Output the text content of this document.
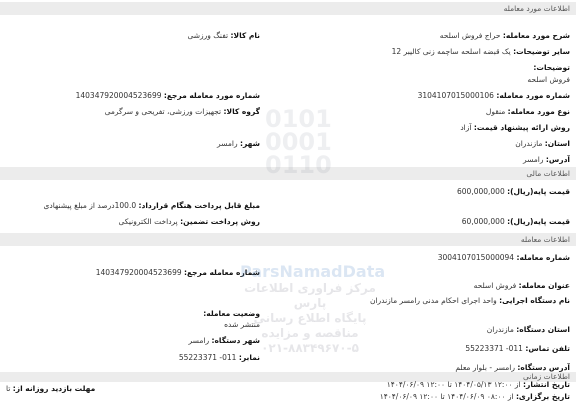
اطلاعات مورد معامله
شرح مورد معامله: حراج فروش اسلحه
نام کالا: تفنگ ورزشی
سایر توضیحات: یک قبضه اسلحه ساچمه زنی کالیبر 12
توضیحات:
فروش اسلحه
شماره مورد معامله: 3104107015000106
شماره مورد معامله مرجع: 140347920004523699
نوع مورد معامله: منقول
گروه کالا: تجهیزات ورزشی، تفریحی و سرگرمی
روش ارائه پیشنهاد قیمت: آزاد
استان: مازندران
شهر: رامسر
آدرس: رامسر
اطلاعات مالی
قیمت پایه(ریال): 600,000,000
مبلغ قابل پرداخت هنگام قرارداد: 100.0درصد از مبلغ پیشنهادی
قیمت پایه(ریال): 60,000,000
روش پرداخت تضمین: پرداخت الکترونیکی
اطلاعات معامله
شماره معامله: 3004107015000094
شماره معامله مرجع: 140347920004523699
عنوان معامله: فروش اسلحه
نام دستگاه اجرایی: واحد اجرای احکام مدنی رامسر مازندران
وضعیت معامله:
منتشر شده
استان دستگاه: مازندران
شهر دستگاه: رامسر
تلفن تماس: 011- 55223371
نمابر: 011- 55223371
آدرس دستگاه: رامسر - بلوار معلم
اطلاعات زمانی
تاریخ انتشار: از ۱۲:۰۰ ۱۴۰۴/۰۵/۱۳ تا ۱۲:۰۰ ۱۴۰۴/۰۶/۰۹
مهلت بازدید روزانه از: تا
تاریخ برگزاری: از ۰۸:۰۰ ۱۴۰۴/۰۶/۰۹ تا ۱۲:۰۰ ۱۴۰۴/۰۶/۰۹
0101
0001
0110
ParsNamadData
مرکز فراوری اطلاعات پارس
پایگاه اطلاع رسانی مناقصه و مزایده
۰۲۱-۸۸۳۴۹۶۷۰-۵
